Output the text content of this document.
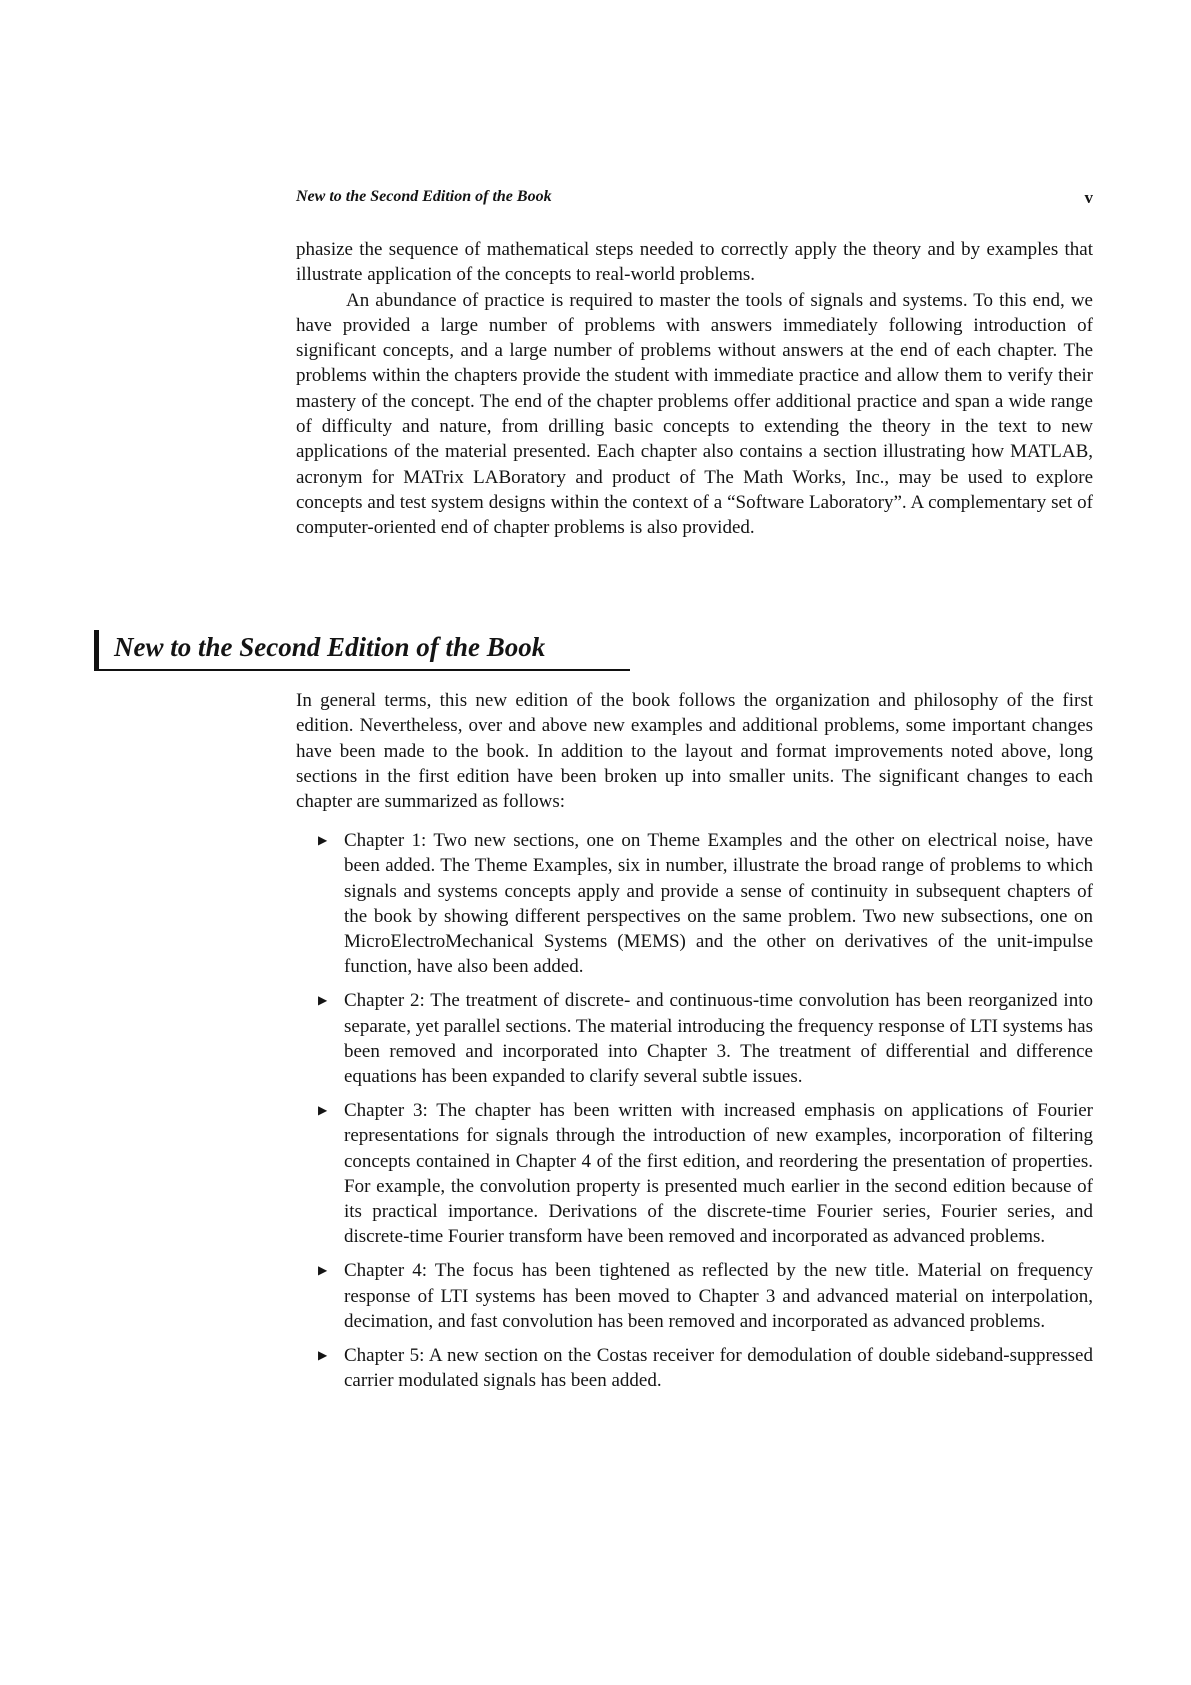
New to the Second Edition of the Book	v

phasize the sequence of mathematical steps needed to correctly apply the theory and by examples that illustrate application of the concepts to real-world problems.

An abundance of practice is required to master the tools of signals and systems. To this end, we have provided a large number of problems with answers immediately following introduction of significant concepts, and a large number of problems without answers at the end of each chapter. The problems within the chapters provide the student with immediate practice and allow them to verify their mastery of the concept. The end of the chapter problems offer additional practice and span a wide range of difficulty and nature, from drilling basic concepts to extending the theory in the text to new applications of the material presented. Each chapter also contains a section illustrating how MATLAB, acronym for MATrix LABoratory and product of The Math Works, Inc., may be used to explore concepts and test system designs within the context of a “Software Laboratory”. A complementary set of computer-oriented end of chapter problems is also provided.

New to the Second Edition of the Book

In general terms, this new edition of the book follows the organization and philosophy of the first edition. Nevertheless, over and above new examples and additional problems, some important changes have been made to the book. In addition to the layout and format improvements noted above, long sections in the first edition have been broken up into smaller units. The significant changes to each chapter are summarized as follows:

▶ Chapter 1: Two new sections, one on Theme Examples and the other on electrical noise, have been added. The Theme Examples, six in number, illustrate the broad range of problems to which signals and systems concepts apply and provide a sense of continuity in subsequent chapters of the book by showing different perspectives on the same problem. Two new subsections, one on MicroElectroMechanical Systems (MEMS) and the other on derivatives of the unit-impulse function, have also been added.
▶ Chapter 2: The treatment of discrete- and continuous-time convolution has been reorganized into separate, yet parallel sections. The material introducing the frequency response of LTI systems has been removed and incorporated into Chapter 3. The treatment of differential and difference equations has been expanded to clarify several subtle issues.
▶ Chapter 3: The chapter has been written with increased emphasis on applications of Fourier representations for signals through the introduction of new examples, incorporation of filtering concepts contained in Chapter 4 of the first edition, and reordering the presentation of properties. For example, the convolution property is presented much earlier in the second edition because of its practical importance. Derivations of the discrete-time Fourier series, Fourier series, and discrete-time Fourier transform have been removed and incorporated as advanced problems.
▶ Chapter 4: The focus has been tightened as reflected by the new title. Material on frequency response of LTI systems has been moved to Chapter 3 and advanced material on interpolation, decimation, and fast convolution has been removed and incorporated as advanced problems.
▶ Chapter 5: A new section on the Costas receiver for demodulation of double sideband-suppressed carrier modulated signals has been added.
